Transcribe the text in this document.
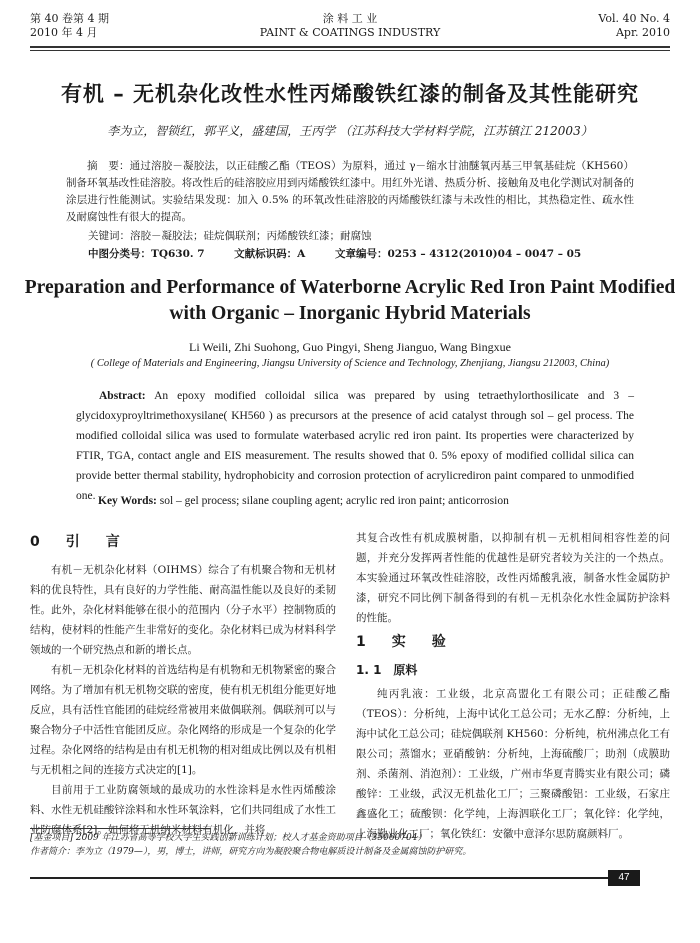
第 40 卷第 4 期
2010 年 4 月
涂 料 工 业
PAINT & COATINGS INDUSTRY
Vol. 40 No. 4
Apr. 2010
有机 – 无机杂化改性水性丙烯酸铁红漆的制备及其性能研究
李为立，智锁红，郭平义，盛建国，王丙学 （江苏科技大学材料学院，江苏镇江 212003）
摘　要：通过溶胶－凝胶法，以正硅酸乙酯（TEOS）为原料，通过 γ－缩水甘油醚氧丙基三甲氧基硅烷（KH560）制备环氧基改性硅溶胶。将改性后的硅溶胶应用到丙烯酸铁红漆中。用红外光谱、热质分析、接触角及电化学测试对制备的涂层进行性能测试。实验结果发现：加入 0.5% 的环氧改性硅溶胶的丙烯酸铁红漆与未改性的相比，其热稳定性、疏水性及耐腐蚀性有很大的提高。
关键词：溶胶－凝胶法；硅烷偶联剂；丙烯酸铁红漆；耐腐蚀
中图分类号：TQ630. 7	文献标识码：A	文章编号：0253 – 4312(2010)04 – 0047 – 05
Preparation and Performance of Waterborne Acrylic Red Iron Paint Modified with Organic – Inorganic Hybrid Materials
Li Weili, Zhi Suohong, Guo Pingyi, Sheng Jianguo, Wang Bingxue
( College of Materials and Engineering, Jiangsu University of Science and Technology, Zhenjiang, Jiangsu 212003, China)
Abstract: An epoxy modified colloidal silica was prepared by using tetraethylorthosilicate and 3 – glycidoxyproyltrimethoxysilane( KH560 ) as precursors at the presence of acid catalyst through sol – gel process. The modified colloidal silica was used to formulate waterbased acrylic red iron paint. Its properties were characterized by FTIR, TGA, contact angle and EIS measurement. The results showed that 0. 5% epoxy of modified collidal silica can provide better thermal stability, hydrophobicity and corrosion protection of acrylicrediron paint compared to unmodified one. Key Words: sol – gel process; silane coupling agent; acrylic red iron paint; anticorrosion
0　引　言

有机－无机杂化材料（OIHMS）综合了有机聚合物和无机材料的优良特性，具有良好的力学性能、耐高温性能以及良好的柔韧性。此外，杂化材料能够在很小的范围内（分子水平）控制物质的结构，使材料的性能产生非常好的变化。杂化材料已成为材料科学领域的一个研究热点和新的增长点。

有机－无机杂化材料的首选结构是有机物和无机物紧密的聚合网络。为了增加有机无机物交联的密度，使有机无机组分能更好地反应，具有活性官能团的硅烷经常被用来做偶联剂。偶联剂可以与聚合物分子中活性官能团反应。杂化网络的形成是一个复杂的化学过程。杂化网络的结构是由有机无机物的相对组成比例以及有机相与无机相之间的连接方式决定的[1]。

目前用于工业防腐领域的最成功的水性涂料是水性丙烯酸涂料、水性无机硅酸锌涂料和水性环氧涂料，它们共同组成了水性工业防腐体系[2]。如何将无机纳米材料有机化，并将

其复合改性有机成膜树脂，以抑制有机－无机相间相容性差的问题，并充分发挥两者性能的优越性是研究者较为关注的一个热点。本实验通过环氧改性硅溶胶，改性丙烯酸乳液，制备水性金属防护漆，研究不同比例下制备得到的有机－无机杂化水性金属防护涂料的性能。

1　实　验
1. 1　原料

纯丙乳液：工业级，北京高盟化工有限公司；正硅酸乙酯（TEOS）：分析纯，上海中试化工总公司；无水乙醇：分析纯，上海中试化工总公司；硅烷偶联剂 KH560：分析纯，杭州沸点化工有限公司；蒸馏水；亚硝酸钠：分析纯，上海硫酸厂；助剂（成膜助剂、杀菌剂、消泡剂）：工业级，广州市华夏青腾实业有限公司；磷酸锌：工业级，武汉无机盐化工厂；三聚磷酸铝：工业级，石家庄鑫盛化工；硫酸钡：化学纯，上海泗联化工厂；氧化锌：化学纯，上海勤业化工厂；氧化铁红：安徽中意泽尔思防腐颜料厂。

[基金项目] 2009 年江苏省高等学校大学生实践创新训练计划；校人才基金资助项目（35060704）
作者简介：李为立（1979—），男，博士，讲师，研究方向为凝胶聚合物电解质设计制备及金属腐蚀防护研究。
47
